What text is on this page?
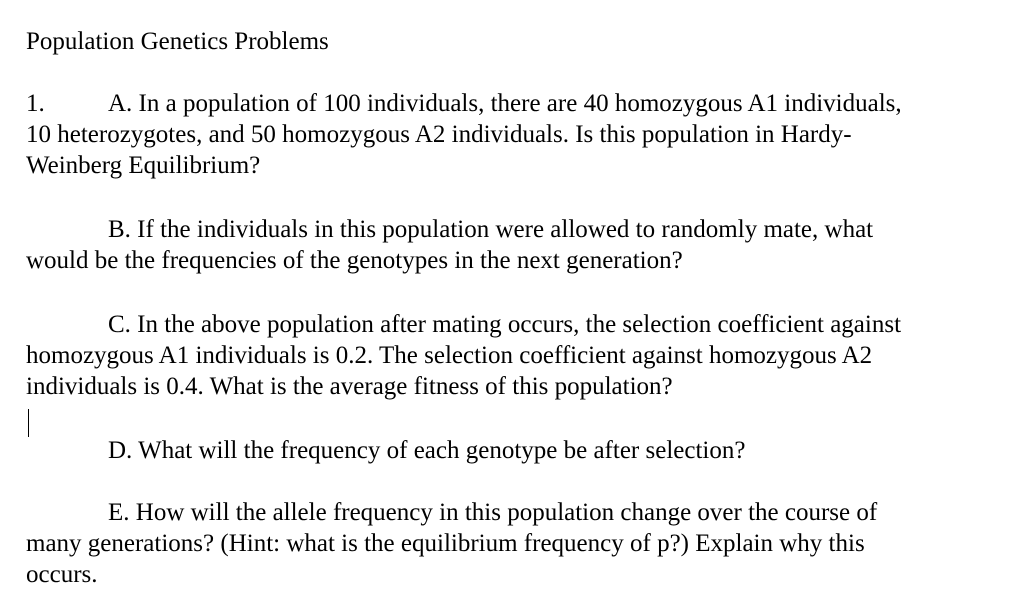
Population Genetics Problems
1.	A. In a population of 100 individuals, there are 40 homozygous A1 individuals,
10 heterozygotes, and 50 homozygous A2 individuals. Is this population in Hardy-
Weinberg Equilibrium?
B. If the individuals in this population were allowed to randomly mate, what
would be the frequencies of the genotypes in the next generation?
C. In the above population after mating occurs, the selection coefficient against
homozygous A1 individuals is 0.2. The selection coefficient against homozygous A2
individuals is 0.4. What is the average fitness of this population?
D. What will the frequency of each genotype be after selection?
E. How will the allele frequency in this population change over the course of
many generations? (Hint: what is the equilibrium frequency of p?) Explain why this
occurs.
